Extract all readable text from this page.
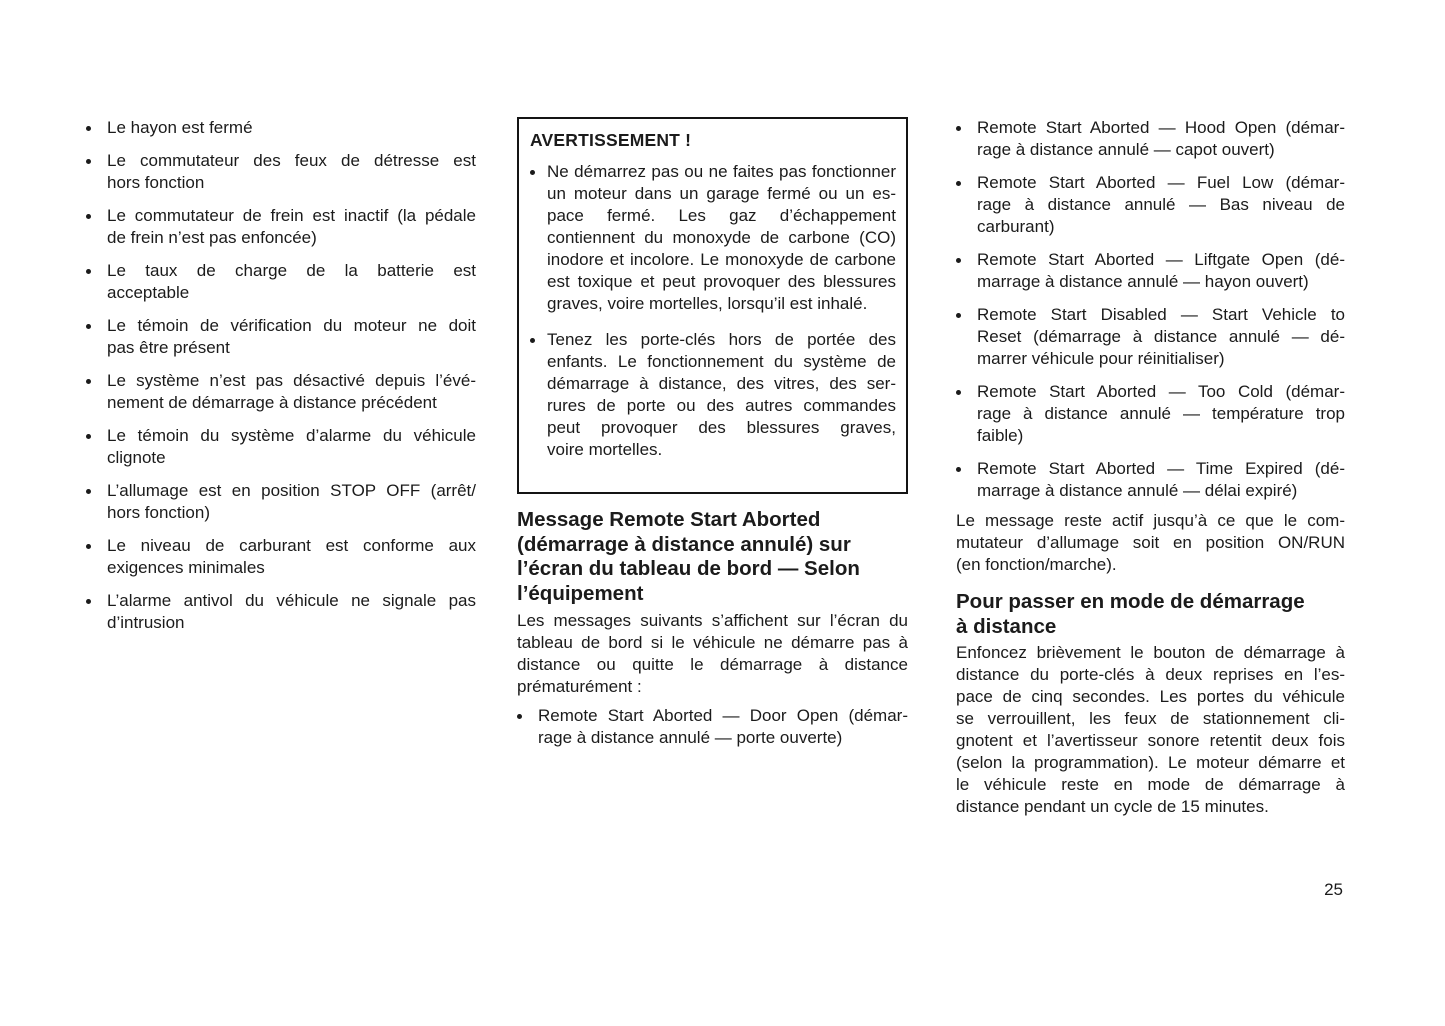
Le hayon est fermé
Le commutateur des feux de détresse est
hors fonction
Le commutateur de frein est inactif (la pédale
de frein n’est pas enfoncée)
Le taux de charge de la batterie est
acceptable
Le témoin de vérification du moteur ne doit
pas être présent
Le système n’est pas désactivé depuis l’évé-
nement de démarrage à distance précédent
Le témoin du système d’alarme du véhicule
clignote
L’allumage est en position STOP OFF (arrêt/
hors fonction)
Le niveau de carburant est conforme aux
exigences minimales
L’alarme antivol du véhicule ne signale pas
d’intrusion
AVERTISSEMENT !
Ne démarrez pas ou ne faites pas fonctionner
un moteur dans un garage fermé ou un es-
pace fermé. Les gaz d’échappement
contiennent du monoxyde de carbone (CO)
inodore et incolore. Le monoxyde de carbone
est toxique et peut provoquer des blessures
graves, voire mortelles, lorsqu’il est inhalé.
Tenez les porte-clés hors de portée des
enfants. Le fonctionnement du système de
démarrage à distance, des vitres, des ser-
rures de porte ou des autres commandes
peut provoquer des blessures graves,
voire mortelles.
Message Remote Start Aborted
(démarrage à distance annulé) sur
l’écran du tableau de bord — Selon
l’équipement
Les messages suivants s’affichent sur l’écran du
tableau de bord si le véhicule ne démarre pas à
distance ou quitte le démarrage à distance
prématurément :
Remote Start Aborted — Door Open (démar-
rage à distance annulé — porte ouverte)
Remote Start Aborted — Hood Open (démar-
rage à distance annulé — capot ouvert)
Remote Start Aborted — Fuel Low (démar-
rage à distance annulé — Bas niveau de
carburant)
Remote Start Aborted — Liftgate Open (dé-
marrage à distance annulé — hayon ouvert)
Remote Start Disabled — Start Vehicle to
Reset (démarrage à distance annulé — dé-
marrer véhicule pour réinitialiser)
Remote Start Aborted — Too Cold (démar-
rage à distance annulé — température trop
faible)
Remote Start Aborted — Time Expired (dé-
marrage à distance annulé — délai expiré)
Le message reste actif jusqu’à ce que le com-
mutateur d’allumage soit en position ON/RUN
(en fonction/marche).
Pour passer en mode de démarrage
à distance
Enfoncez brièvement le bouton de démarrage à
distance du porte-clés à deux reprises en l’es-
pace de cinq secondes. Les portes du véhicule
se verrouillent, les feux de stationnement cli-
gnotent et l’avertisseur sonore retentit deux fois
(selon la programmation). Le moteur démarre et
le véhicule reste en mode de démarrage à
distance pendant un cycle de 15 minutes.
25
